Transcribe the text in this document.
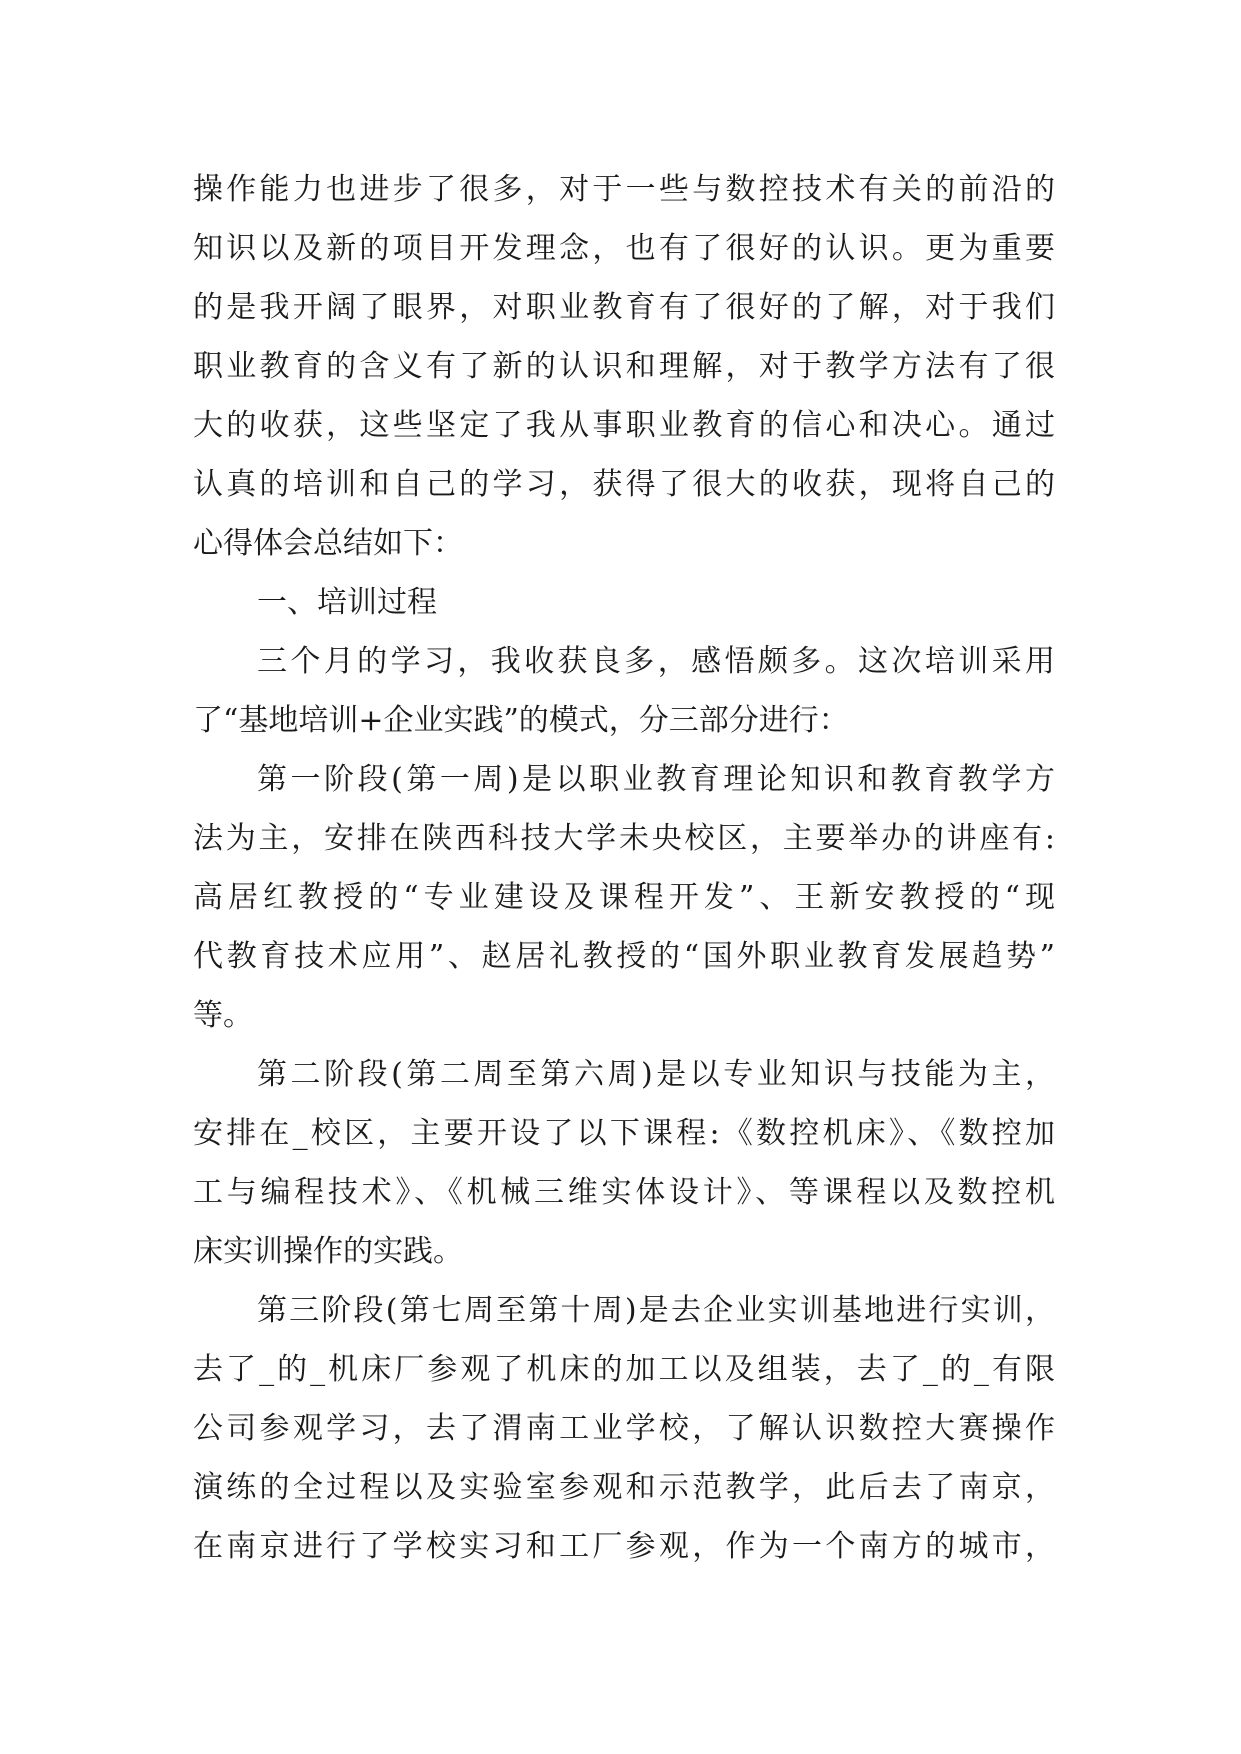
操作能力也进步了很多，对于一些与数控技术有关的前沿的
知识以及新的项目开发理念，也有了很好的认识。更为重要
的是我开阔了眼界，对职业教育有了很好的了解，对于我们
职业教育的含义有了新的认识和理解，对于教学方法有了很
大的收获，这些坚定了我从事职业教育的信心和决心。通过
认真的培训和自己的学习，获得了很大的收获，现将自己的
心得体会总结如下：
一、培训过程
三个月的学习，我收获良多，感悟颇多。这次培训采用
了“基地培训+企业实践”的模式，分三部分进行：
第一阶段(第一周)是以职业教育理论知识和教育教学方
法为主，安排在陕西科技大学未央校区，主要举办的讲座有:
高居红教授的“专业建设及课程开发”、王新安教授的“现
代教育技术应用”、赵居礼教授的“国外职业教育发展趋势”
等。
第二阶段(第二周至第六周)是以专业知识与技能为主，
安排在_校区，主要开设了以下课程:《数控机床》、《数控加
工与编程技术》、《机械三维实体设计》、等课程以及数控机
床实训操作的实践。
第三阶段(第七周至第十周)是去企业实训基地进行实训，
去了_的_机床厂参观了机床的加工以及组装，去了_的_有限
公司参观学习，去了渭南工业学校，了解认识数控大赛操作
演练的全过程以及实验室参观和示范教学，此后去了南京，
在南京进行了学校实习和工厂参观，作为一个南方的城市，
